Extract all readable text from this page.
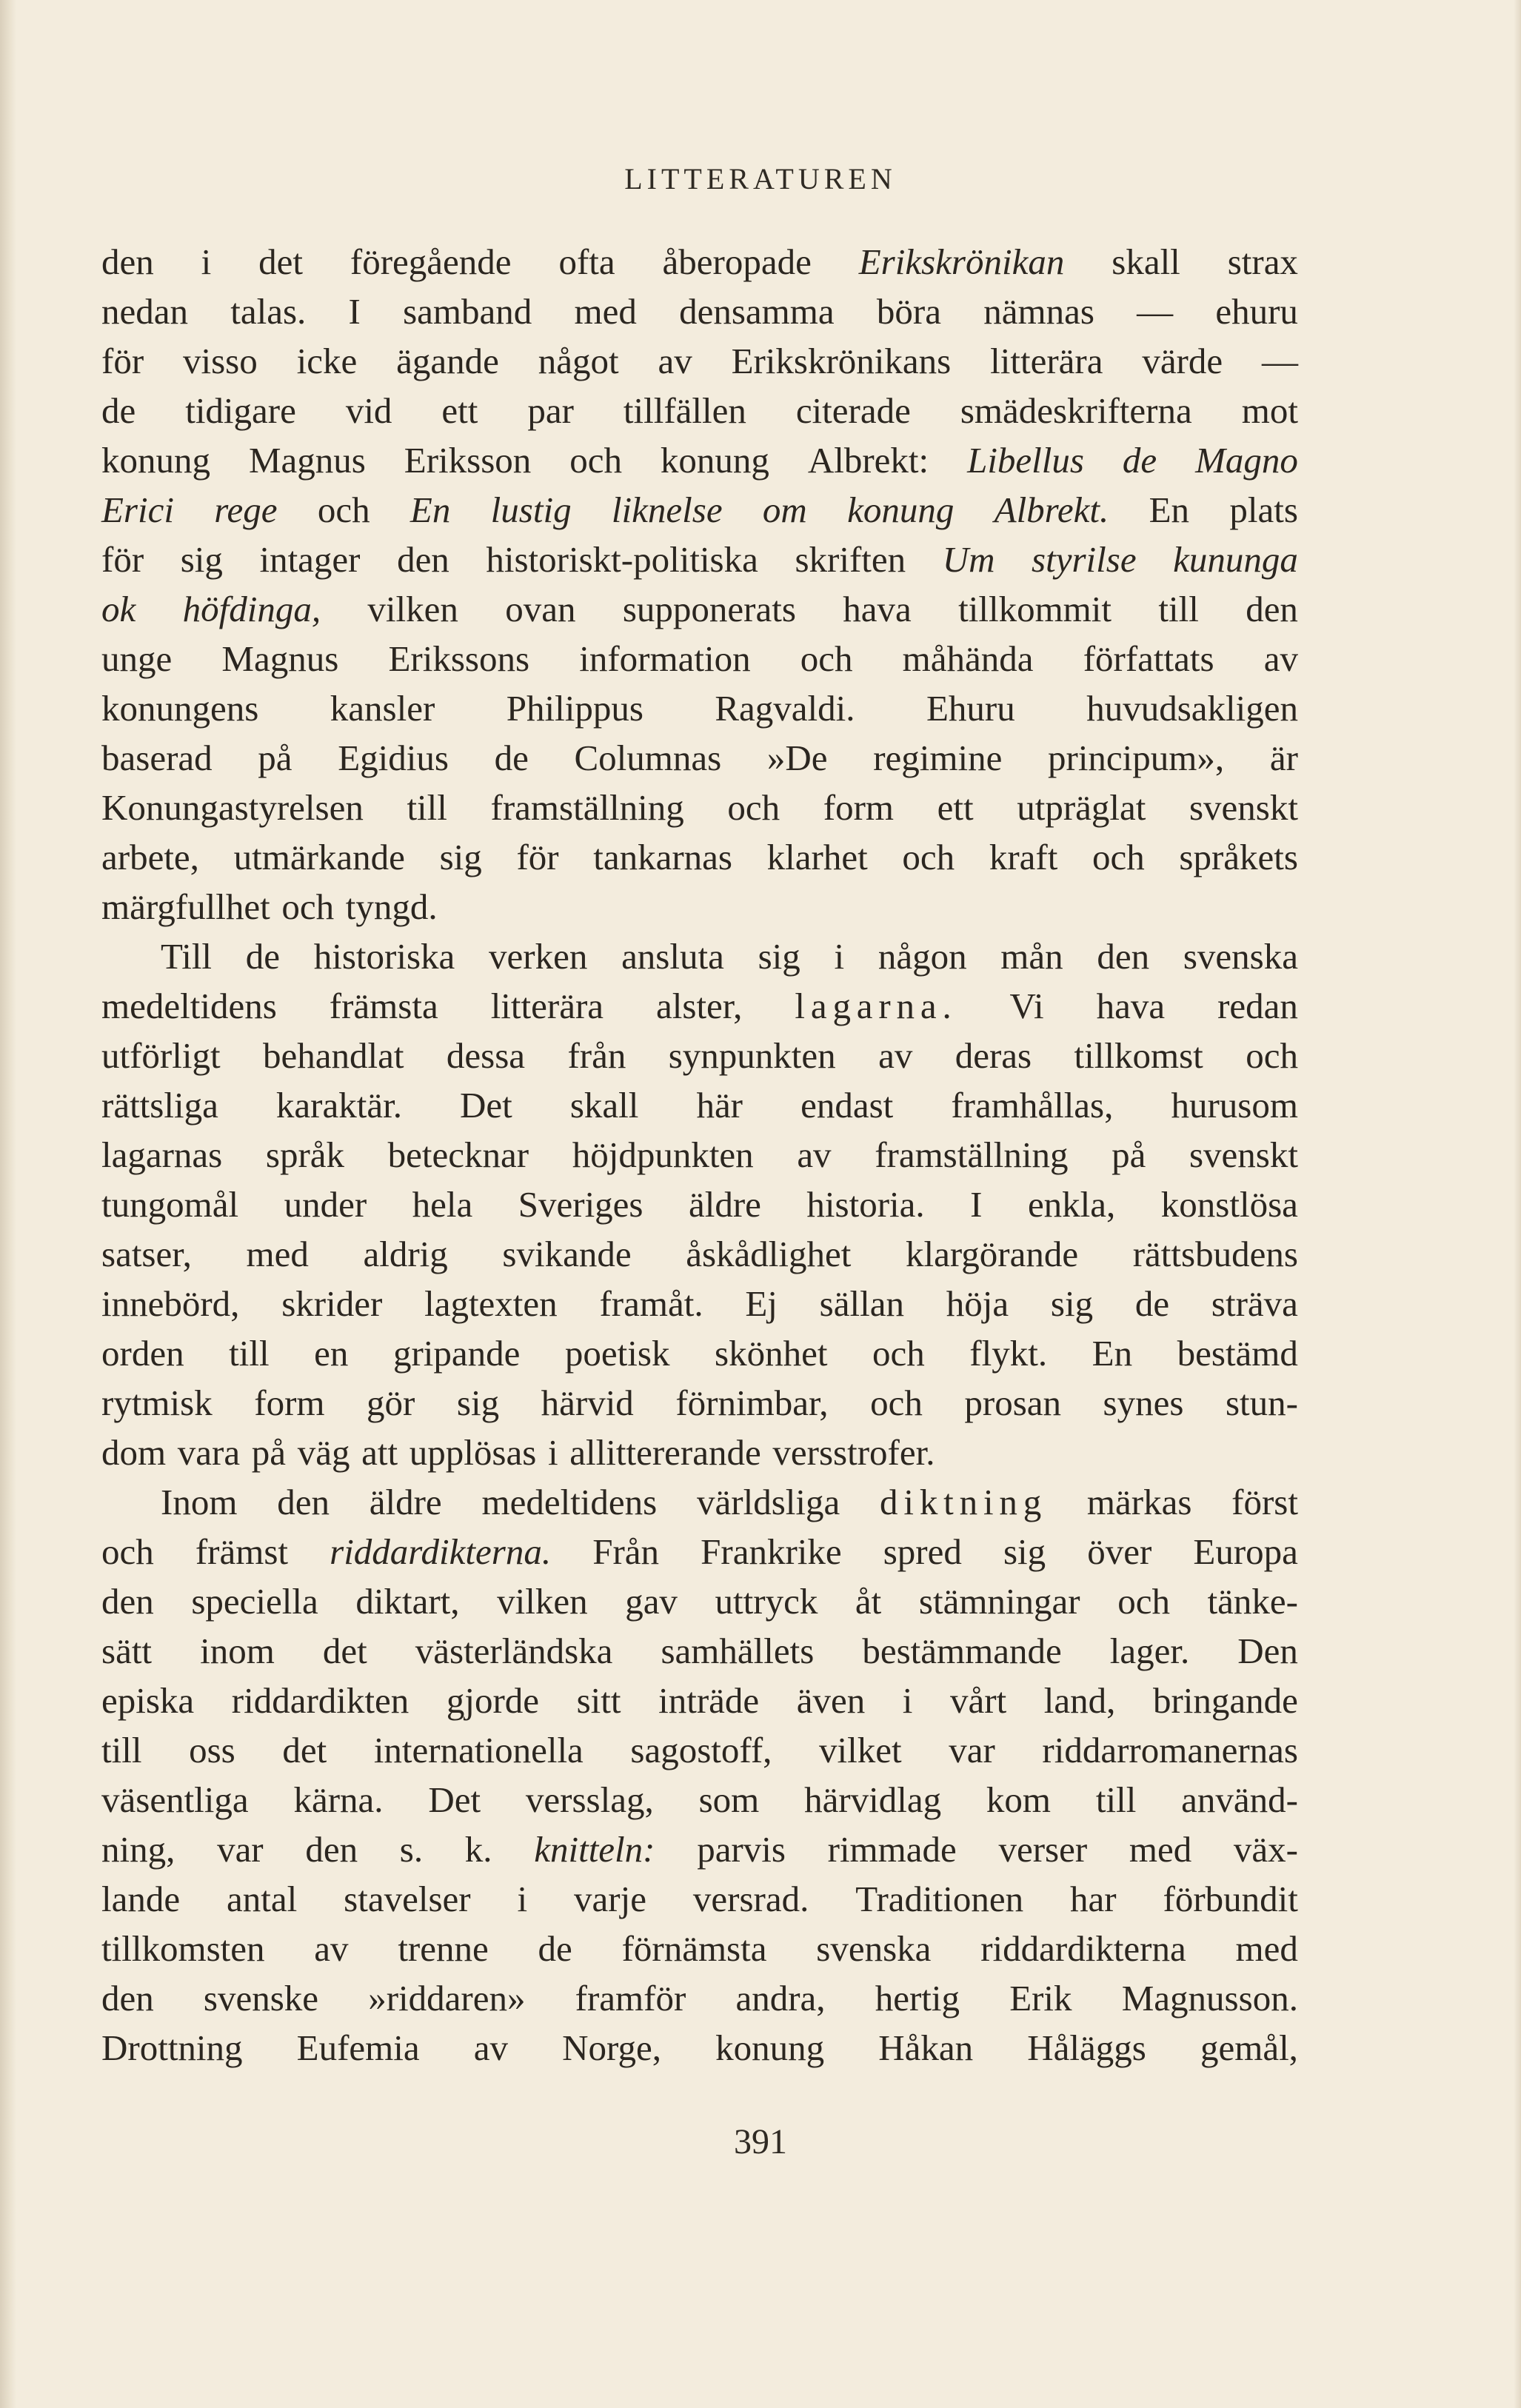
LITTERATUREN
den i det föregående ofta åberopade Erikskrönikan skall strax
nedan talas. I samband med densamma böra nämnas — ehuru
för visso icke ägande något av Erikskrönikans litterära värde —
de tidigare vid ett par tillfällen citerade smädeskrifterna mot
konung Magnus Eriksson och konung Albrekt: Libellus de Magno
Erici rege och En lustig liknelse om konung Albrekt. En plats
för sig intager den historiskt-politiska skriften Um styrilse kununga
ok höfdinga, vilken ovan supponerats hava tillkommit till den
unge Magnus Erikssons information och måhända författats av
konungens kansler Philippus Ragvaldi. Ehuru huvudsakligen
baserad på Egidius de Columnas »De regimine principum», är
Konungastyrelsen till framställning och form ett utpräglat svenskt
arbete, utmärkande sig för tankarnas klarhet och kraft och språkets
märgfullhet och tyngd.
Till de historiska verken ansluta sig i någon mån den svenska
medeltidens främsta litterära alster, lagarna. Vi hava redan
utförligt behandlat dessa från synpunkten av deras tillkomst och
rättsliga karaktär. Det skall här endast framhållas, hurusom
lagarnas språk betecknar höjdpunkten av framställning på svenskt
tungomål under hela Sveriges äldre historia. I enkla, konstlösa
satser, med aldrig svikande åskådlighet klargörande rättsbudens
innebörd, skrider lagtexten framåt. Ej sällan höja sig de sträva
orden till en gripande poetisk skönhet och flykt. En bestämd
rytmisk form gör sig härvid förnimbar, och prosan synes stun-
dom vara på väg att upplösas i allittererande versstrofer.
Inom den äldre medeltidens världsliga diktning märkas först
och främst riddardikterna. Från Frankrike spred sig över Europa
den speciella diktart, vilken gav uttryck åt stämningar och tänke-
sätt inom det västerländska samhällets bestämmande lager. Den
episka riddardikten gjorde sitt inträde även i vårt land, bringande
till oss det internationella sagostoff, vilket var riddarromanernas
väsentliga kärna. Det versslag, som härvidlag kom till använd-
ning, var den s. k. knitteln: parvis rimmade verser med väx-
lande antal stavelser i varje versrad. Traditionen har förbundit
tillkomsten av trenne de förnämsta svenska riddardikterna med
den svenske »riddaren» framför andra, hertig Erik Magnusson.
Drottning Eufemia av Norge, konung Håkan Håläggs gemål,
391
